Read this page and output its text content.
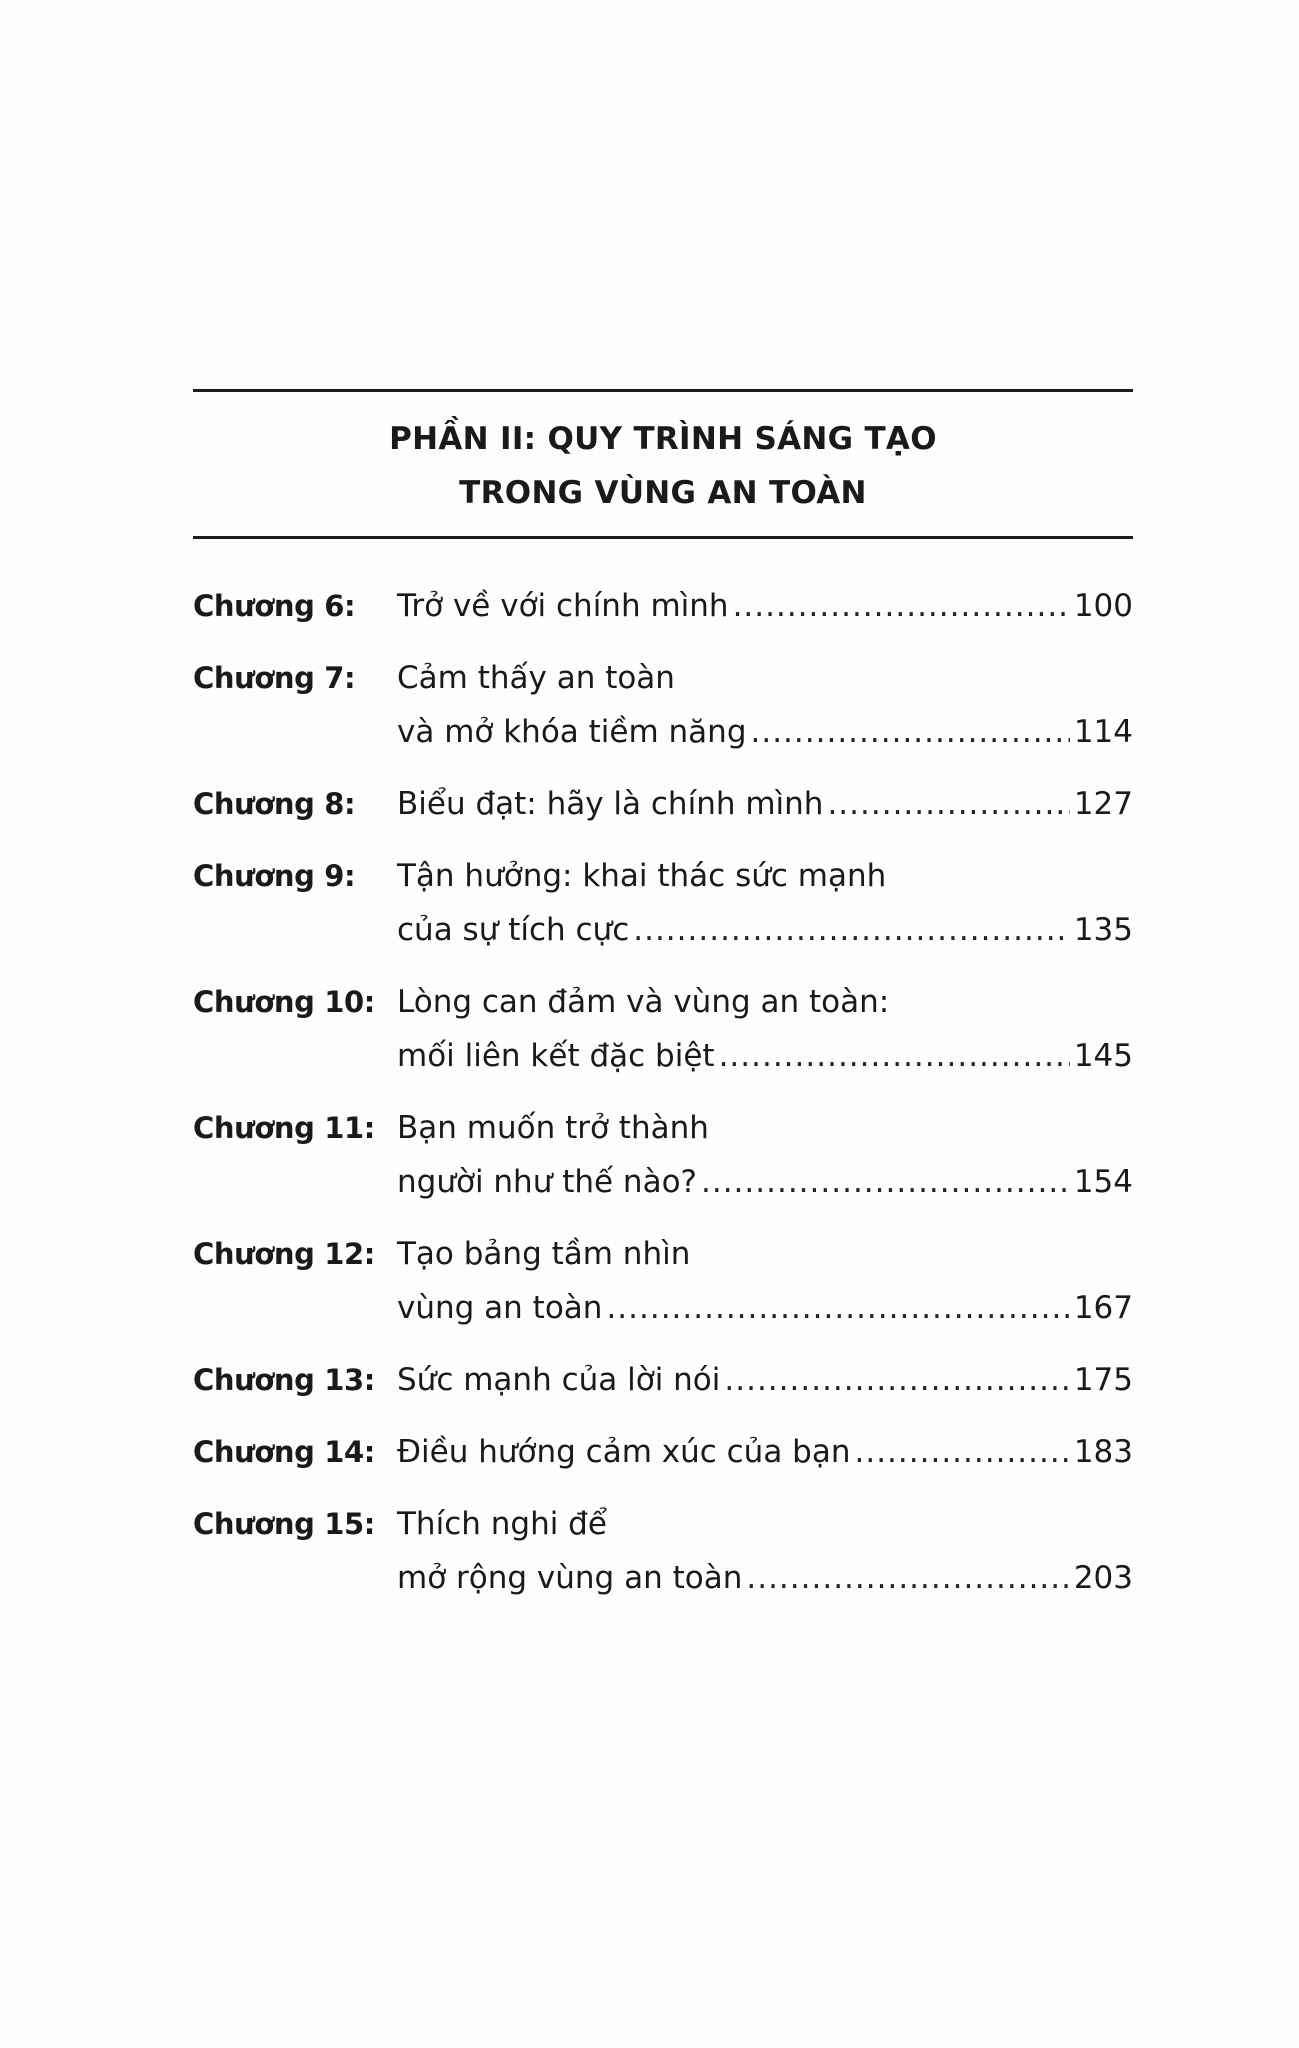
PHẦN II: QUY TRÌNH SÁNG TẠO
TRONG VÙNG AN TOÀN
Chương 6:	Trở về với chính mình .....	100
Chương 7:	Cảm thấy an toàn
và mở khóa tiềm năng .....	114
Chương 8:	Biểu đạt: hãy là chính mình .....	127
Chương 9:	Tận hưởng: khai thác sức mạnh
của sự tích cực .....	135
Chương 10: Lòng can đảm và vùng an toàn:
mối liên kết đặc biệt .....	145
Chương 11: Bạn muốn trở thành
người như thế nào? .....	154
Chương 12: Tạo bảng tầm nhìn
vùng an toàn .....	167
Chương 13: Sức mạnh của lời nói .....	175
Chương 14: Điều hướng cảm xúc của bạn .....	183
Chương 15: Thích nghi để
mở rộng vùng an toàn .....	203
